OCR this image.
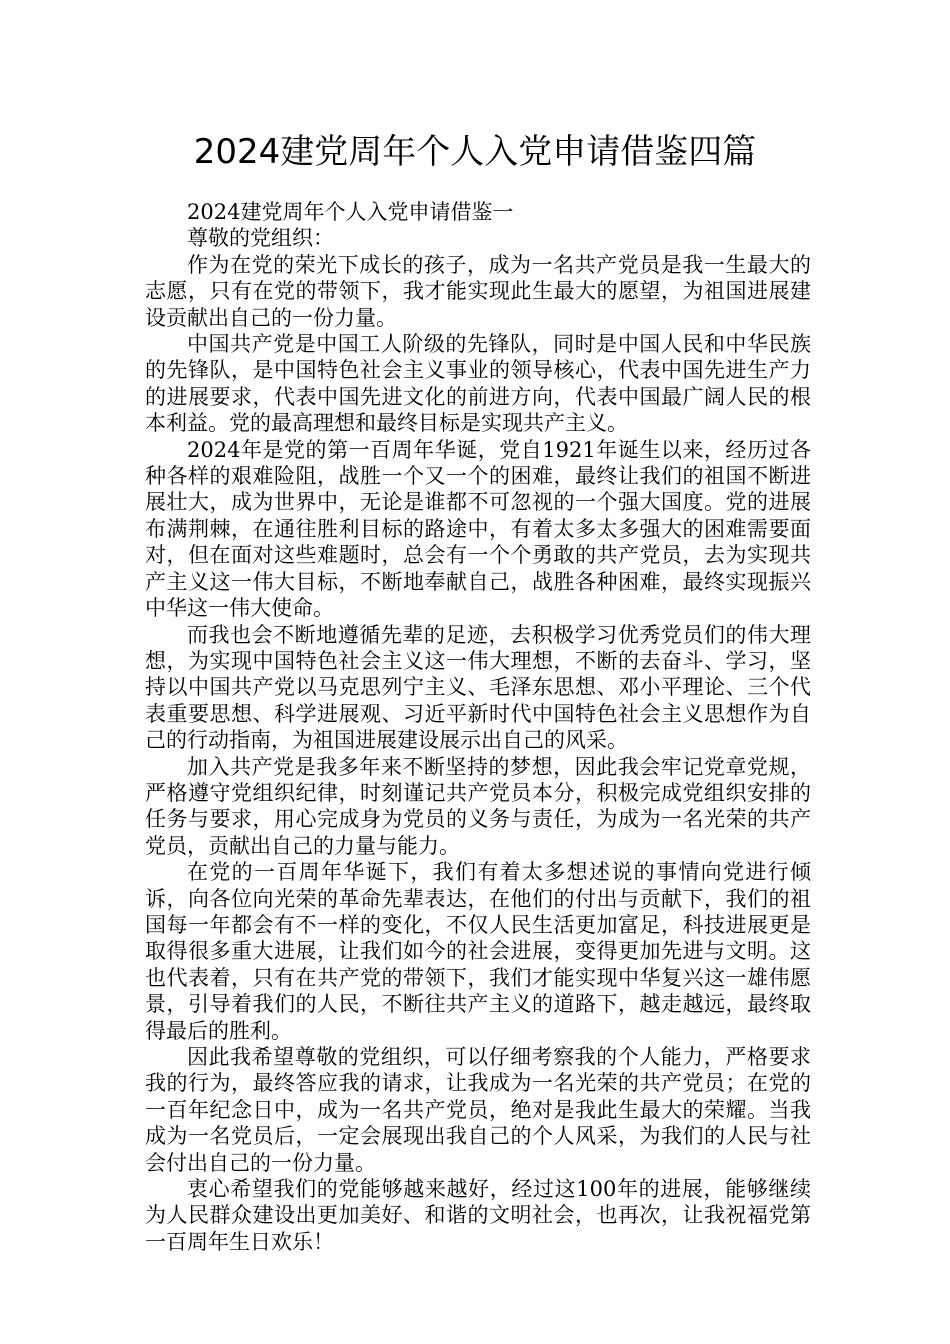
2024建党周年个人入党申请借鉴四篇

2024建党周年个人入党申请借鉴一

尊敬的党组织：

作为在党的荣光下成长的孩子，成为一名共产党员是我一生最大的志愿，只有在党的带领下，我才能实现此生最大的愿望，为祖国进展建设贡献出自己的一份力量。

中国共产党是中国工人阶级的先锋队，同时是中国人民和中华民族的先锋队，是中国特色社会主义事业的领导核心，代表中国先进生产力的进展要求，代表中国先进文化的前进方向，代表中国最广阔人民的根本利益。党的最高理想和最终目标是实现共产主义。

2024年是党的第一百周年华诞，党自1921年诞生以来，经历过各种各样的艰难险阻，战胜一个又一个的困难，最终让我们的祖国不断进展壮大，成为世界中，无论是谁都不可忽视的一个强大国度。党的进展布满荆棘，在通往胜利目标的路途中，有着太多太多强大的困难需要面对，但在面对这些难题时，总会有一个个勇敢的共产党员，去为实现共产主义这一伟大目标，不断地奉献自己，战胜各种困难，最终实现振兴中华这一伟大使命。

而我也会不断地遵循先辈的足迹，去积极学习优秀党员们的伟大理想，为实现中国特色社会主义这一伟大理想，不断的去奋斗、学习，坚持以中国共产党以马克思列宁主义、毛泽东思想、邓小平理论、三个代表重要思想、科学进展观、习近平新时代中国特色社会主义思想作为自己的行动指南，为祖国进展建设展示出自己的风采。

加入共产党是我多年来不断坚持的梦想，因此我会牢记党章党规，严格遵守党组织纪律，时刻谨记共产党员本分，积极完成党组织安排的任务与要求，用心完成身为党员的义务与责任，为成为一名光荣的共产党员，贡献出自己的力量与能力。

在党的一百周年华诞下，我们有着太多想述说的事情向党进行倾诉，向各位向光荣的革命先辈表达，在他们的付出与贡献下，我们的祖国每一年都会有不一样的变化，不仅人民生活更加富足，科技进展更是取得很多重大进展，让我们如今的社会进展，变得更加先进与文明。这也代表着，只有在共产党的带领下，我们才能实现中华复兴这一雄伟愿景，引导着我们的人民，不断往共产主义的道路下，越走越远，最终取得最后的胜利。

因此我希望尊敬的党组织，可以仔细考察我的个人能力，严格要求我的行为，最终答应我的请求，让我成为一名光荣的共产党员；在党的一百年纪念日中，成为一名共产党员，绝对是我此生最大的荣耀。当我成为一名党员后，一定会展现出我自己的个人风采，为我们的人民与社会付出自己的一份力量。

衷心希望我们的党能够越来越好，经过这100年的进展，能够继续为人民群众建设出更加美好、和谐的文明社会，也再次，让我祝福党第一百周年生日欢乐！
